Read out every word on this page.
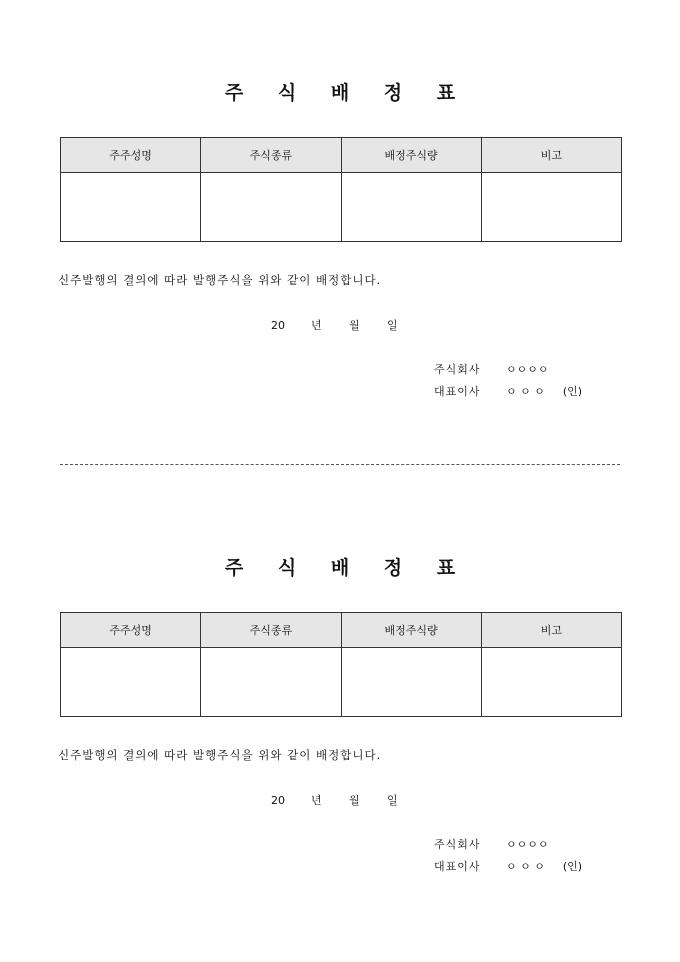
주 식 배 정 표
주주성명	주식종류	배정주식량	비고

신주발행의 결의에 따라 발행주식을 위와 같이 배정합니다.
20 년 월 일
주식회사 ㅇㅇㅇㅇ
대표이사 ㅇ ㅇ ㅇ (인)
주 식 배 정 표
주주성명	주식종류	배정주식량	비고

신주발행의 결의에 따라 발행주식을 위와 같이 배정합니다.
20 년 월 일
주식회사 ㅇㅇㅇㅇ
대표이사 ㅇ ㅇ ㅇ (인)
